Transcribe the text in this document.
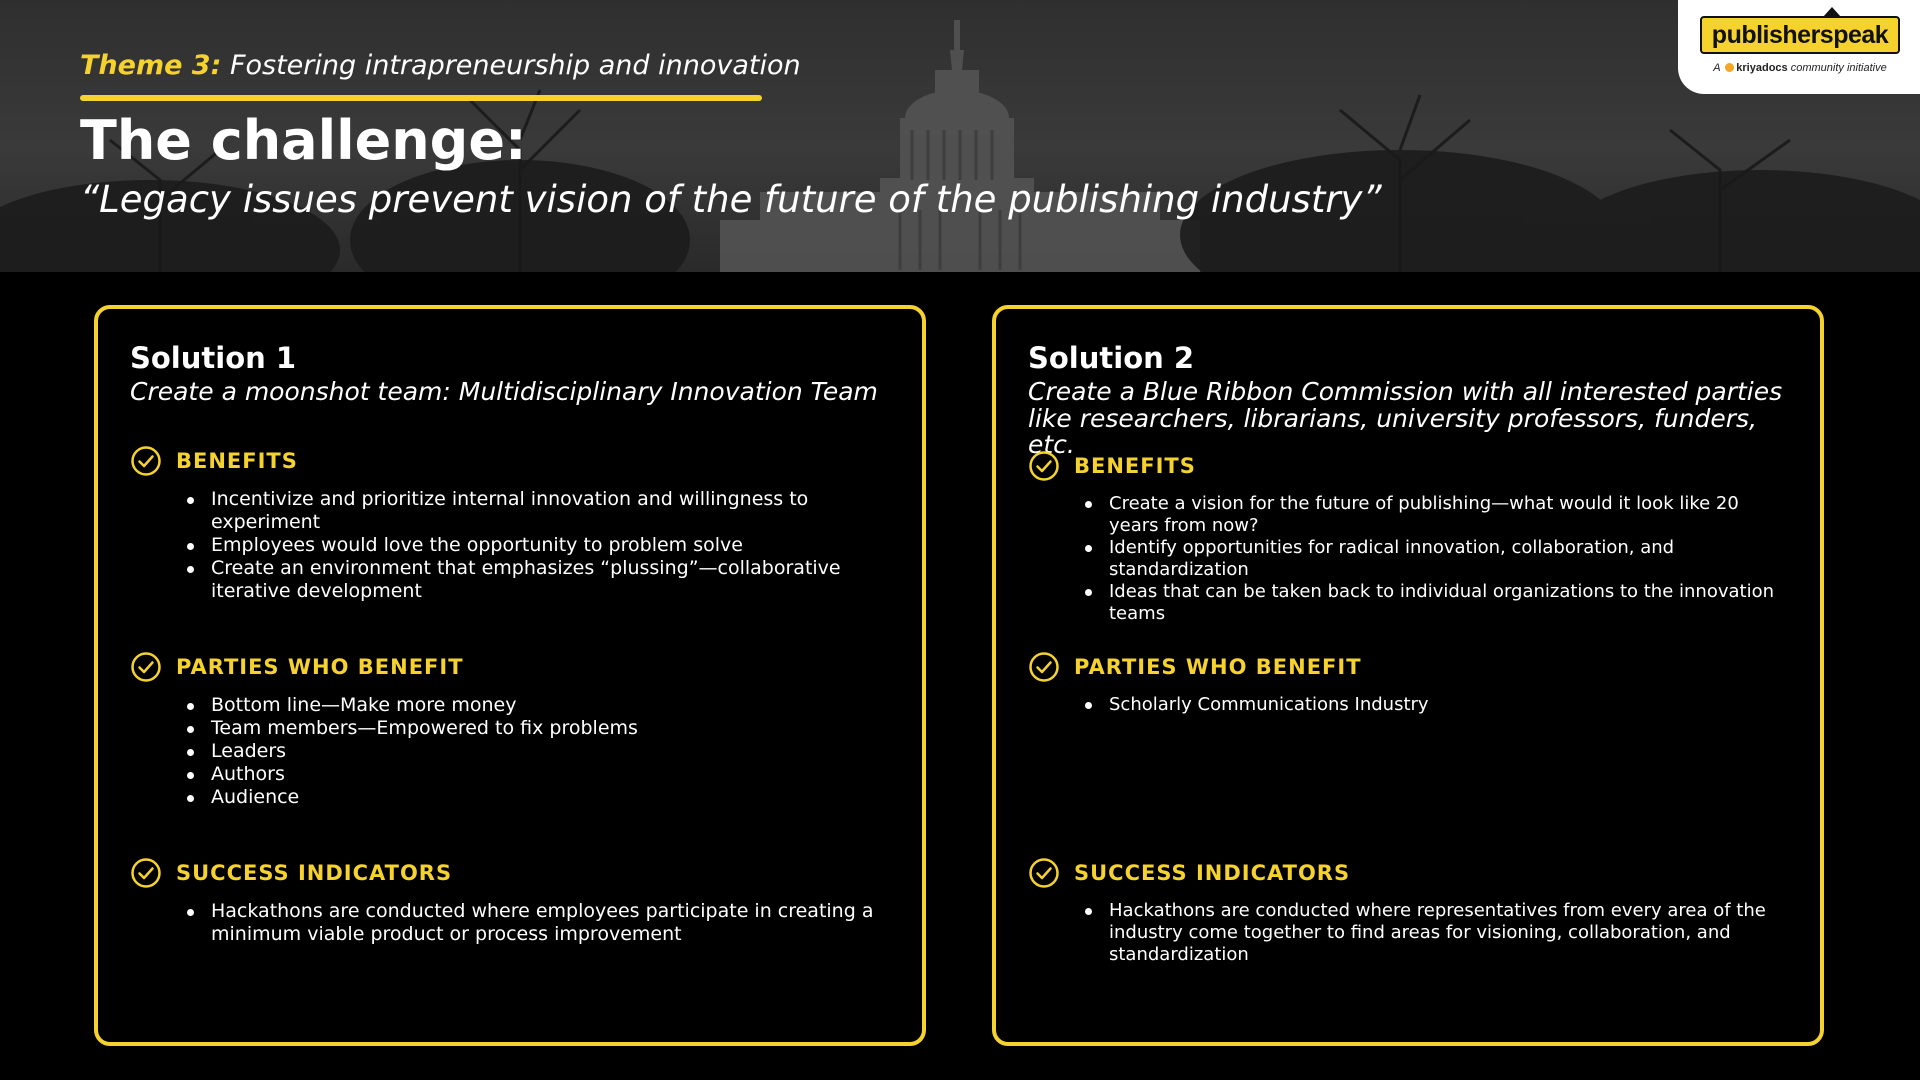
Theme 3: Fostering intrapreneurship and innovation
The challenge:
“Legacy issues prevent vision of the future of the publishing industry”
publisherspeak
A kriyadocs community initiative
Solution 1
Create a moonshot team: Multidisciplinary Innovation Team
BENEFITS
Incentivize and prioritize internal innovation and willingness to experiment
Employees would love the opportunity to problem solve
Create an environment that emphasizes “plussing”—collaborative iterative development
PARTIES WHO BENEFIT
Bottom line—Make more money
Team members—Empowered to fix problems
Leaders
Authors
Audience
SUCCESS INDICATORS
Hackathons are conducted where employees participate in creating a minimum viable product or process improvement
Solution 2
Create a Blue Ribbon Commission with all interested parties like researchers, librarians, university professors, funders, etc.
BENEFITS
Create a vision for the future of publishing—what would it look like 20 years from now?
Identify opportunities for radical innovation, collaboration, and standardization
Ideas that can be taken back to individual organizations to the innovation teams
PARTIES WHO BENEFIT
Scholarly Communications Industry
SUCCESS INDICATORS
Hackathons are conducted where representatives from every area of the industry come together to find areas for visioning, collaboration, and standardization
